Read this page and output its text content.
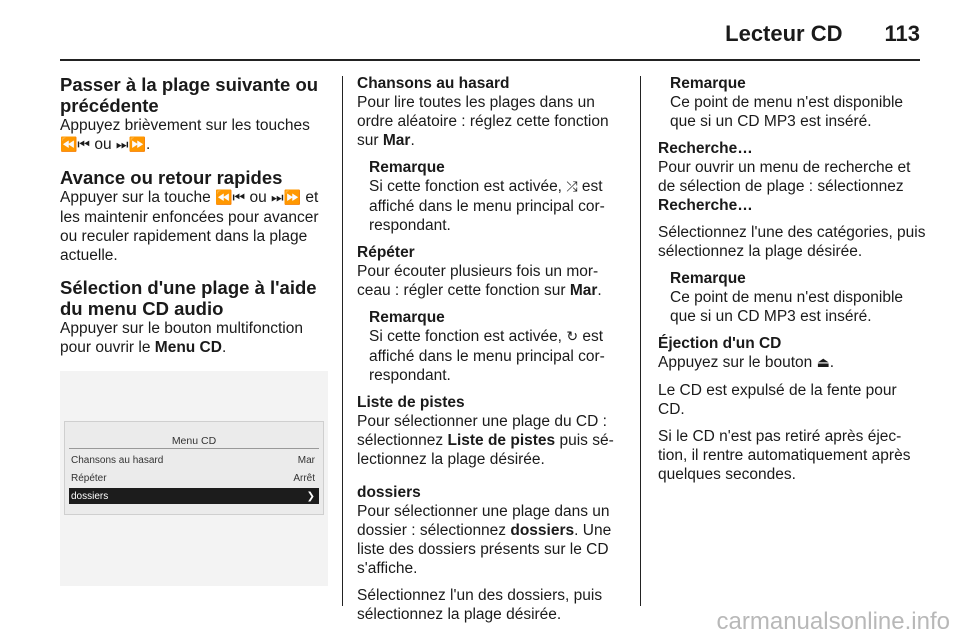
Lecteur CD 113
Passer à la plage suivante ou précédente

Appuyez brièvement sur les touches ⏪⏮ ou ⏭⏩.

Avance ou retour rapides

Appuyer sur la touche ⏪⏮ ou ⏭⏩ et les maintenir enfoncées pour avancer ou reculer rapidement dans la plage actuelle.

Sélection d'une plage à l'aide du menu CD audio

Appuyer sur le bouton multifonction pour ouvrir le Menu CD.

Menu CD
Chansons au hasard	Mar
Répéter	Arrêt
dossiers	❯
Chansons au hasard

Pour lire toutes les plages dans un ordre aléatoire : réglez cette fonction sur Mar.

Remarque
Si cette fonction est activée, ⤮ est affiché dans le menu principal cor-respondant.
Répéter

Pour écouter plusieurs fois un mor-ceau : régler cette fonction sur Mar.

Remarque
Si cette fonction est activée, ↻ est affiché dans le menu principal cor-respondant.
Liste de pistes

Pour sélectionner une plage du CD : sélectionnez Liste de pistes puis sé-lectionnez la plage désirée.

dossiers

Pour sélectionner une plage dans un dossier : sélectionnez dossiers. Une liste des dossiers présents sur le CD s'affiche.

Sélectionnez l'un des dossiers, puis sélectionnez la plage désirée.

Remarque
Ce point de menu n'est disponible que si un CD MP3 est inséré.
Recherche…

Pour ouvrir un menu de recherche et de sélection de plage : sélectionnez Recherche…

Sélectionnez l'une des catégories, puis sélectionnez la plage désirée.

Remarque
Ce point de menu n'est disponible que si un CD MP3 est inséré.
Éjection d'un CD

Appuyez sur le bouton ⏏.

Le CD est expulsé de la fente pour CD.

Si le CD n'est pas retiré après éjec-tion, il rentre automatiquement après quelques secondes.

carmanualsonline.info
